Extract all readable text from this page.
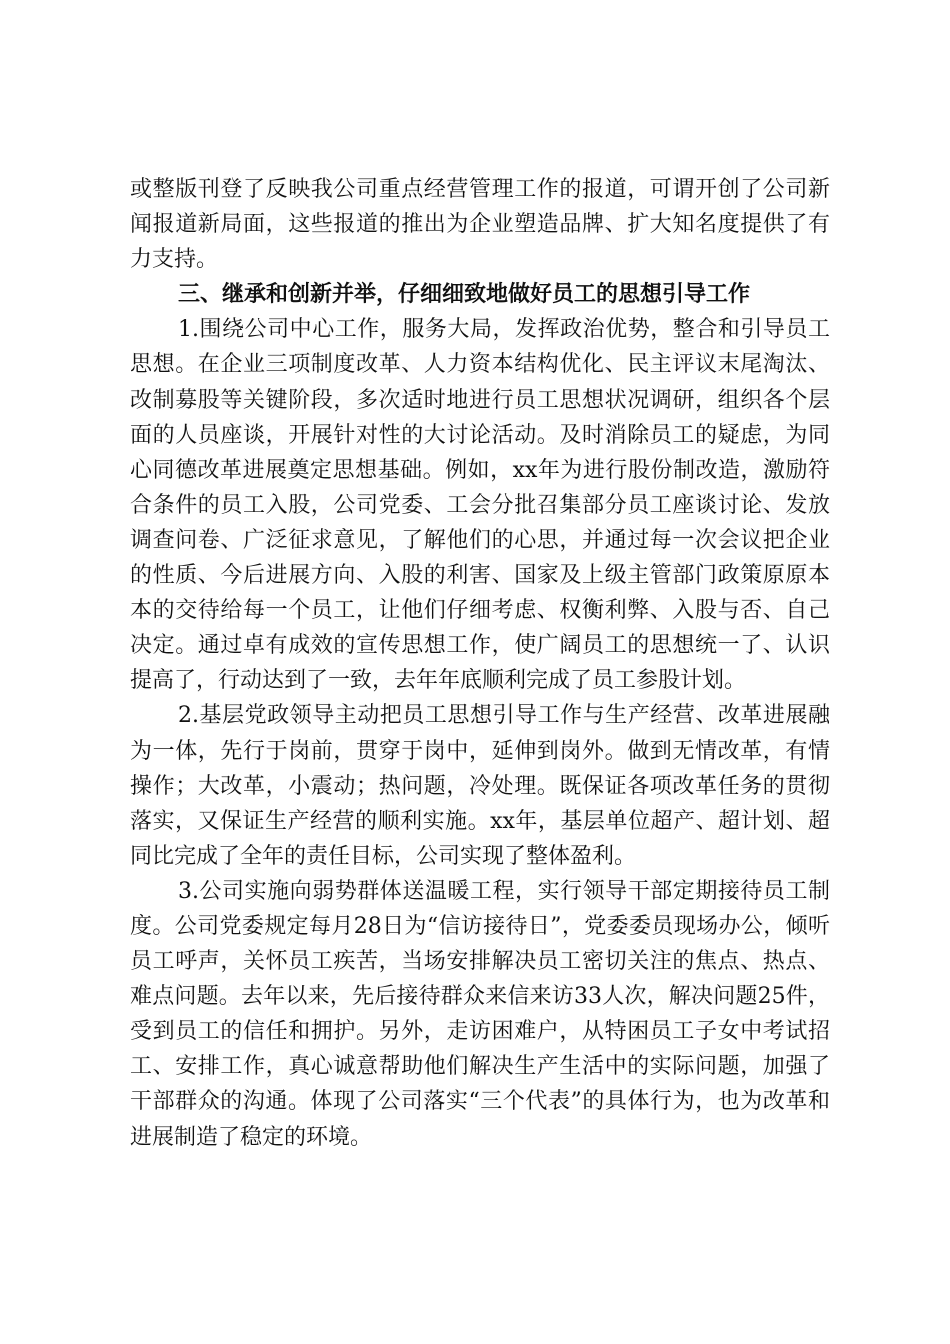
或整版刊登了反映我公司重点经营管理工作的报道，可谓开创了公司新闻报道新局面，这些报道的推出为企业塑造品牌、扩大知名度提供了有力支持。

三、继承和创新并举，仔细细致地做好员工的思想引导工作

1.围绕公司中心工作，服务大局，发挥政治优势，整合和引导员工思想。在企业三项制度改革、人力资本结构优化、民主评议末尾淘汰、改制募股等关键阶段，多次适时地进行员工思想状况调研，组织各个层面的人员座谈，开展针对性的大讨论活动。及时消除员工的疑虑，为同心同德改革进展奠定思想基础。例如，xx年为进行股份制改造，激励符合条件的员工入股，公司党委、工会分批召集部分员工座谈讨论、发放调查问卷、广泛征求意见，了解他们的心思，并通过每一次会议把企业的性质、今后进展方向、入股的利害、国家及上级主管部门政策原原本本的交待给每一个员工，让他们仔细考虑、权衡利弊、入股与否、自己决定。通过卓有成效的宣传思想工作，使广阔员工的思想统一了、认识提高了，行动达到了一致，去年年底顺利完成了员工参股计划。

2.基层党政领导主动把员工思想引导工作与生产经营、改革进展融为一体，先行于岗前，贯穿于岗中，延伸到岗外。做到无情改革，有情操作；大改革，小震动；热问题，冷处理。既保证各项改革任务的贯彻落实，又保证生产经营的顺利实施。xx年，基层单位超产、超计划、超同比完成了全年的责任目标，公司实现了整体盈利。

3.公司实施向弱势群体送温暖工程，实行领导干部定期接待员工制度。公司党委规定每月28日为“信访接待日”，党委委员现场办公，倾听员工呼声，关怀员工疾苦，当场安排解决员工密切关注的焦点、热点、难点问题。去年以来，先后接待群众来信来访33人次，解决问题25件，受到员工的信任和拥护。另外，走访困难户，从特困员工子女中考试招工、安排工作，真心诚意帮助他们解决生产生活中的实际问题，加强了干部群众的沟通。体现了公司落实“三个代表”的具体行为，也为改革和进展制造了稳定的环境。
